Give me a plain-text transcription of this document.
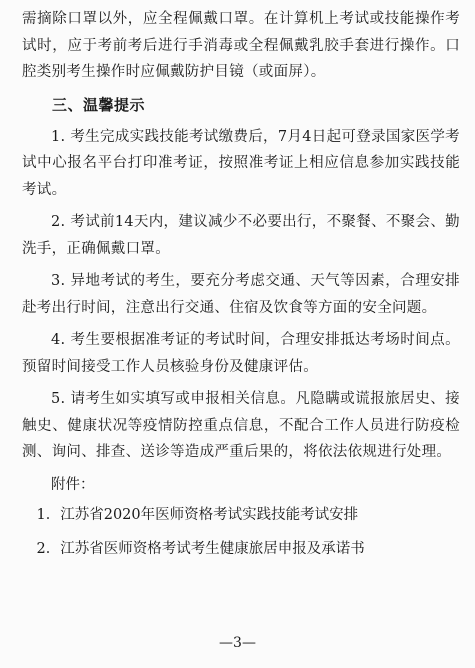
需摘除口罩以外，应全程佩戴口罩。在计算机上考试或技能操作考试时，应于考前考后进行手消毒或全程佩戴乳胶手套进行操作。口腔类别考生操作时应佩戴防护目镜（或面屏）。

三、温馨提示

1. 考生完成实践技能考试缴费后，7月4日起可登录国家医学考试中心报名平台打印准考证，按照准考证上相应信息参加实践技能考试。

2. 考试前14天内，建议减少不必要出行，不聚餐、不聚会、勤洗手，正确佩戴口罩。

3. 异地考试的考生，要充分考虑交通、天气等因素，合理安排赴考出行时间，注意出行交通、住宿及饮食等方面的安全问题。

4. 考生要根据准考证的考试时间，合理安排抵达考场时间点。预留时间接受工作人员核验身份及健康评估。

5. 请考生如实填写或申报相关信息。凡隐瞒或谎报旅居史、接触史、健康状况等疫情防控重点信息，不配合工作人员进行防疫检测、询问、排查、送诊等造成严重后果的，将依法依规进行处理。

附件：
1．江苏省2020年医师资格考试实践技能考试安排
2．江苏省医师资格考试考生健康旅居申报及承诺书
—3—
